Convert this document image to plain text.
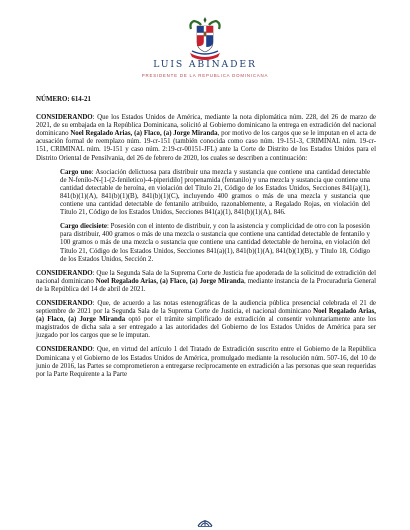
LUIS ABINADER
PRESIDENTE DE LA REPUBLICA DOMINICANA

NÚMERO: 614-21

CONSIDERANDO: Que los Estados Unidos de América, mediante la nota diplomática núm. 228, del 26 de marzo de 2021, de su embajada en la República Dominicana, solicitó al Gobierno dominicano la entrega en extradición del nacional dominicano Noel Regalado Arias, (a) Flaco, (a) Jorge Miranda, por motivo de los cargos que se le imputan en el acta de acusación formal de reemplazo núm. 19-cr-151 (también conocida como caso núm. 19-151-3, CRIMINAL núm. 19-cr-151, CRIMINAL núm. 19-151 y caso núm. 2:19-cr-00151-JFL) ante la Corte de Distrito de los Estados Unidos para el Distrito Oriental de Pensilvania, del 26 de febrero de 2020, los cuales se describen a continuación:

Cargo uno: Asociación delictuosa para distribuir una mezcla y sustancia que contiene una cantidad detectable de N-fenilo-N-[1-(2-feniletico)-4-piperidilo] propenamida (fentanilo) y una mezcla y sustancia que contiene una cantidad detectable de heroína, en violación del Título 21, Código de los Estados Unidos, Secciones 841(a)(1), 841(b)(1)(A), 841(b)(1)(B), 841(b)(1)(C), incluyendo 400 gramos o más de una mezcla y sustancia que contiene una cantidad detectable de fentanilo atribuido, razonablemente, a Regalado Rojas, en violación del Título 21, Código de los Estados Unidos, Secciones 841(a)(1), 841(b)(1)(A), 846.

Cargo diecisiete: Posesión con el intento de distribuir, y con la asistencia y complicidad de otro con la posesión para distribuir, 400 gramos o más de una mezcla o sustancia que contiene una cantidad detectable de fentanilo y 100 gramos o más de una mezcla o sustancia que contiene una cantidad detectable de heroína, en violación del Título 21, Código de los Estados Unidos, Secciones 841(a)(1), 841(b)(1)(A), 841(b)(1)(B), y Título 18, Código de los Estados Unidos, Sección 2.

CONSIDERANDO: Que la Segunda Sala de la Suprema Corte de Justicia fue apoderada de la solicitud de extradición del nacional dominicano Noel Regalado Arias, (a) Flaco, (a) Jorge Miranda, mediante instancia de la Procuraduría General de la República del 14 de abril de 2021.

CONSIDERANDO: Que, de acuerdo a las notas estenográficas de la audiencia pública presencial celebrada el 21 de septiembre de 2021 por la Segunda Sala de la Suprema Corte de Justicia, el nacional dominicano Noel Regalado Arias, (a) Flaco, (a) Jorge Miranda optó por el trámite simplificado de extradición al consentir voluntariamente ante los magistrados de dicha sala a ser entregado a las autoridades del Gobierno de los Estados Unidos de América para ser juzgado por los cargos que se le imputan.

CONSIDERANDO: Que, en virtud del artículo 1 del Tratado de Extradición suscrito entre el Gobierno de la República Dominicana y el Gobierno de los Estados Unidos de América, promulgado mediante la resolución núm. 507-16, del 10 de junio de 2016, las Partes se comprometieron a entregarse recíprocamente en extradición a las personas que sean requeridas por la Parte Requirente a la Parte
